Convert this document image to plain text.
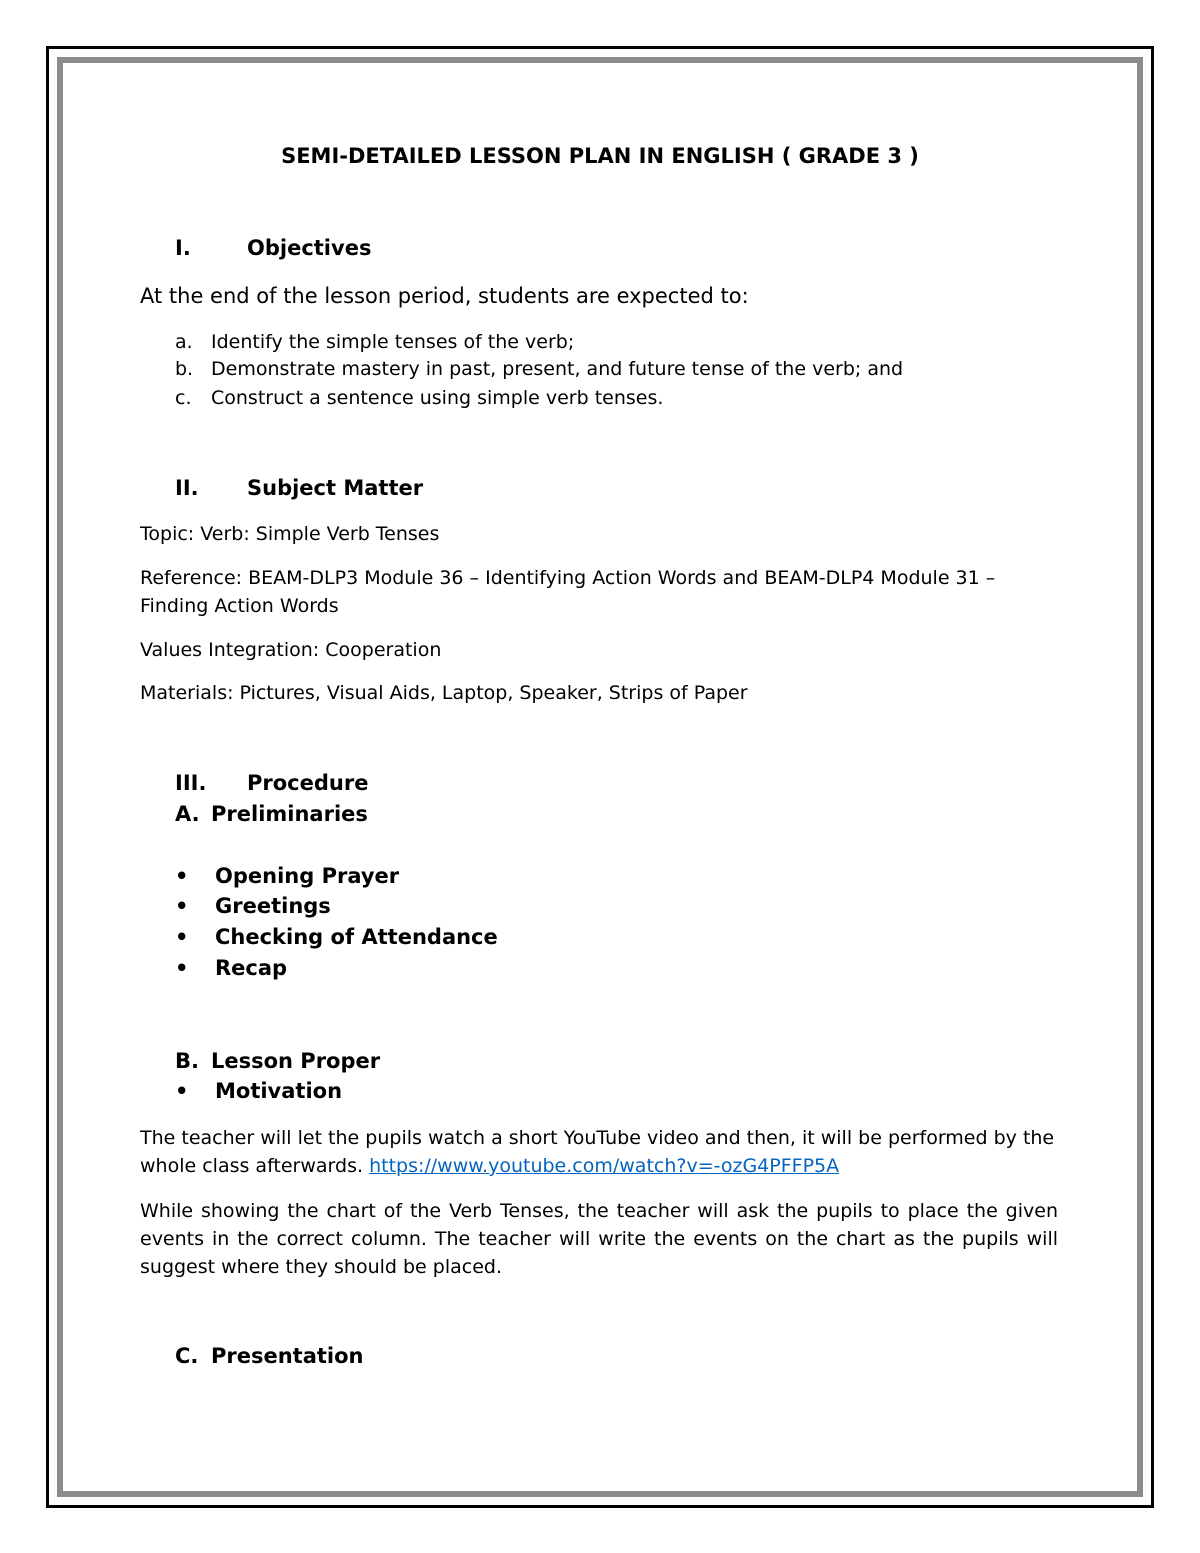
SEMI-DETAILED LESSON PLAN IN ENGLISH ( GRADE 3 )
I.	Objectives

At the end of the lesson period, students are expected to:

a. Identify the simple tenses of the verb;
b. Demonstrate mastery in past, present, and future tense of the verb; and
c. Construct a sentence using simple verb tenses.
II. Subject Matter

Topic: Verb: Simple Verb Tenses

Reference: BEAM-DLP3 Module 36 – Identifying Action Words and BEAM-DLP4 Module 31 –

Finding Action Words

Values Integration: Cooperation

Materials: Pictures, Visual Aids, Laptop, Speaker, Strips of Paper

III. Procedure
A. Preliminaries
• Opening Prayer
• Greetings
• Checking of Attendance
• Recap
B. Lesson Proper
• Motivation

The teacher will let the pupils watch a short YouTube video and then, it will be performed by the

whole class afterwards. https://www.youtube.com/watch?v=-ozG4PFFP5A

While showing the chart of the Verb Tenses, the teacher will ask the pupils to place the given events in the correct column. The teacher will write the events on the chart as the pupils will suggest where they should be placed.

C. Presentation
